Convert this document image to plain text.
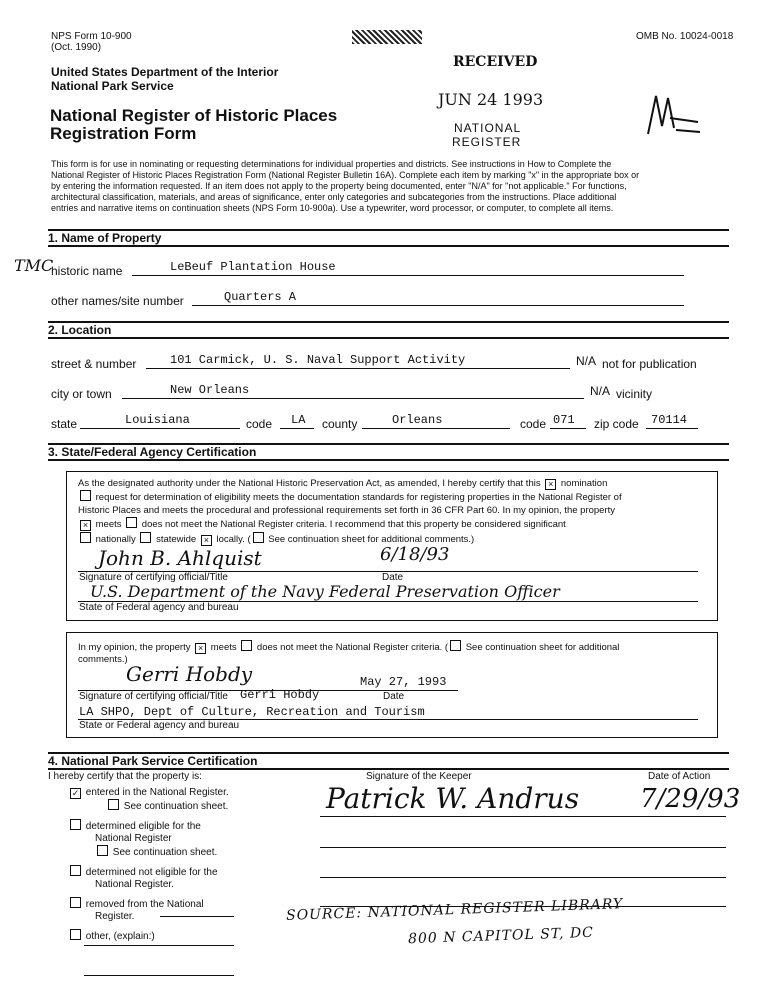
NPS Form 10-900
(Oct. 1990)
OMB No. 10024-0018
United States Department of the Interior
National Park Service
National Register of Historic Places
Registration Form
RECEIVED
JUN 24 1993
NATIONAL
REGISTER
This form is for use in nominating or requesting determinations for individual properties and districts. See instructions in How to Complete the
National Register of Historic Places Registration Form (National Register Bulletin 16A). Complete each item by marking "x" in the appropriate box or
by entering the information requested. If an item does not apply to the property being documented, enter "N/A" for "not applicable." For functions,
architectural classification, materials, and areas of significance, enter only categories and subcategories from the instructions. Place additional
entries and narrative items on continuation sheets (NPS Form 10-900a). Use a typewriter, word processor, or computer, to complete all items.
1. Name of Property
TMC
historic name	LeBeuf Plantation House
other names/site number	Quarters A
2. Location
street & number	101 Carmick, U. S. Naval Support Activity	N/A not for publication
city or town	New Orleans	N/A vicinity
state	Louisiana	code LA county	Orleans	code 071 zip code 70114
3. State/Federal Agency Certification
As the designated authority under the National Historic Preservation Act, as amended, I hereby certify that this × nomination
request for determination of eligibility meets the documentation standards for registering properties in the National Register of
Historic Places and meets the procedural and professional requirements set forth in 36 CFR Part 60. In my opinion, the property
× meets does not meet the National Register criteria. I recommend that this property be considered significant
nationally statewide × locally. ( See continuation sheet for additional comments.)
John B. Ahlquist	6/18/93
Signature of certifying official/Title	Date
U.S. Department of the Navy Federal Preservation Officer
State of Federal agency and bureau
In my opinion, the property × meets does not meet the National Register criteria. ( See continuation sheet for additional
comments.)
Gerri Hobdy	May 27, 1993
Signature of certifying official/Title Gerri Hobdy	Date
LA SHPO, Dept of Culture, Recreation and Tourism
State or Federal agency and bureau
4. National Park Service Certification
I hereby certify that the property is:	Signature of the Keeper	Date of Action
✓ entered in the National Register.
See continuation sheet.
determined eligible for the
National Register
See continuation sheet.
determined not eligible for the
National Register.
removed from the National
Register.
other, (explain:)
Patrick W. Andrus 7/29/93
SOURCE: NATIONAL REGISTER LIBRARY
800 N CAPITOL ST, DC
